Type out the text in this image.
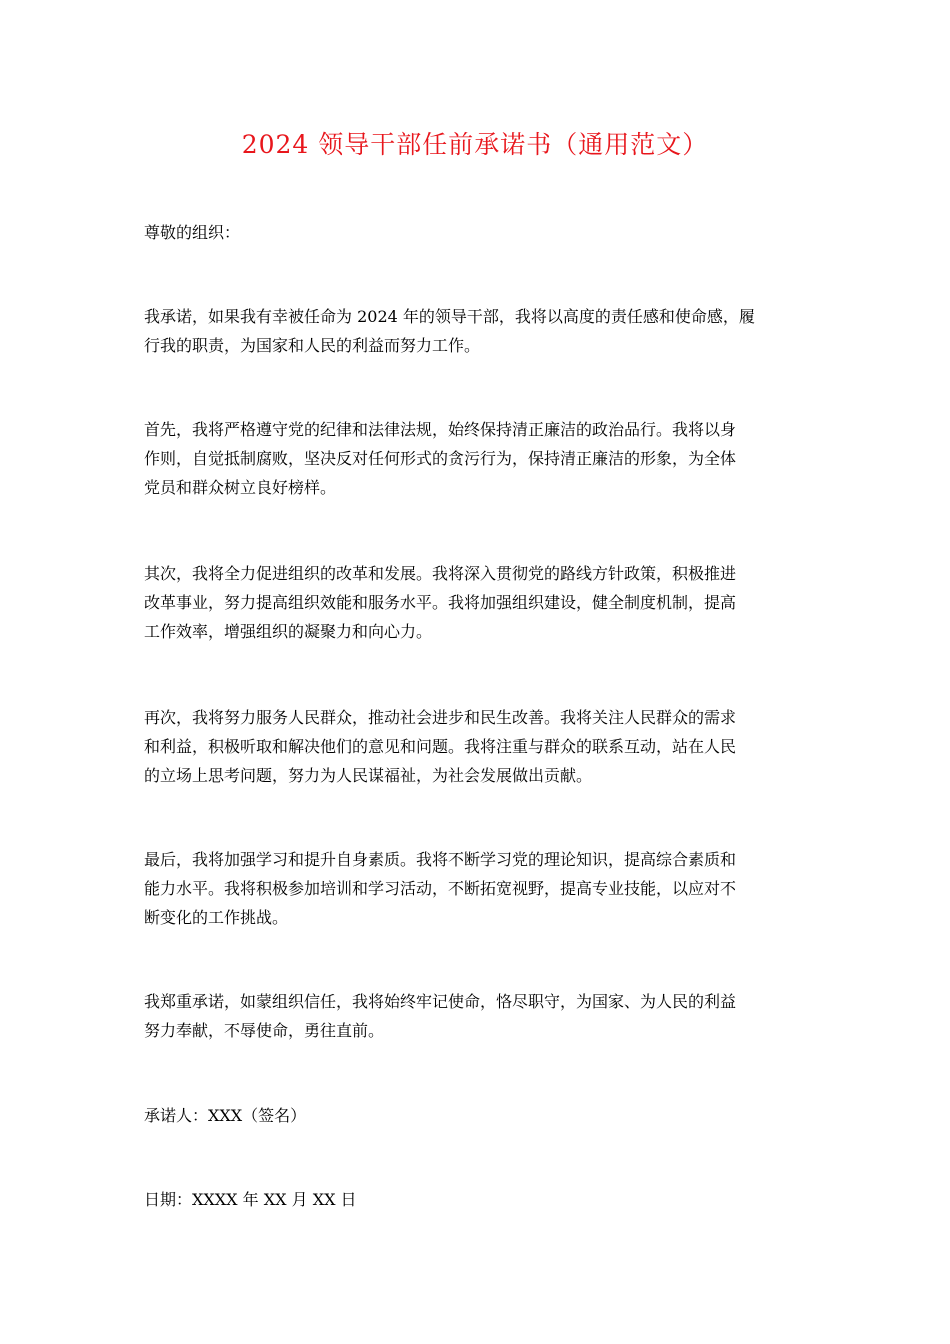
2024 领导干部任前承诺书（通用范文）
尊敬的组织：
我承诺，如果我有幸被任命为 2024 年的领导干部，我将以高度的责任感和使命感，履
行我的职责，为国家和人民的利益而努力工作。
首先，我将严格遵守党的纪律和法律法规，始终保持清正廉洁的政治品行。我将以身
作则，自觉抵制腐败，坚决反对任何形式的贪污行为，保持清正廉洁的形象，为全体
党员和群众树立良好榜样。
其次，我将全力促进组织的改革和发展。我将深入贯彻党的路线方针政策，积极推进
改革事业，努力提高组织效能和服务水平。我将加强组织建设，健全制度机制，提高
工作效率，增强组织的凝聚力和向心力。
再次，我将努力服务人民群众，推动社会进步和民生改善。我将关注人民群众的需求
和利益，积极听取和解决他们的意见和问题。我将注重与群众的联系互动，站在人民
的立场上思考问题，努力为人民谋福祉，为社会发展做出贡献。
最后，我将加强学习和提升自身素质。我将不断学习党的理论知识，提高综合素质和
能力水平。我将积极参加培训和学习活动，不断拓宽视野，提高专业技能，以应对不
断变化的工作挑战。
我郑重承诺，如蒙组织信任，我将始终牢记使命，恪尽职守，为国家、为人民的利益
努力奉献，不辱使命，勇往直前。
承诺人：XXX（签名）
日期：XXXX 年 XX 月 XX 日
